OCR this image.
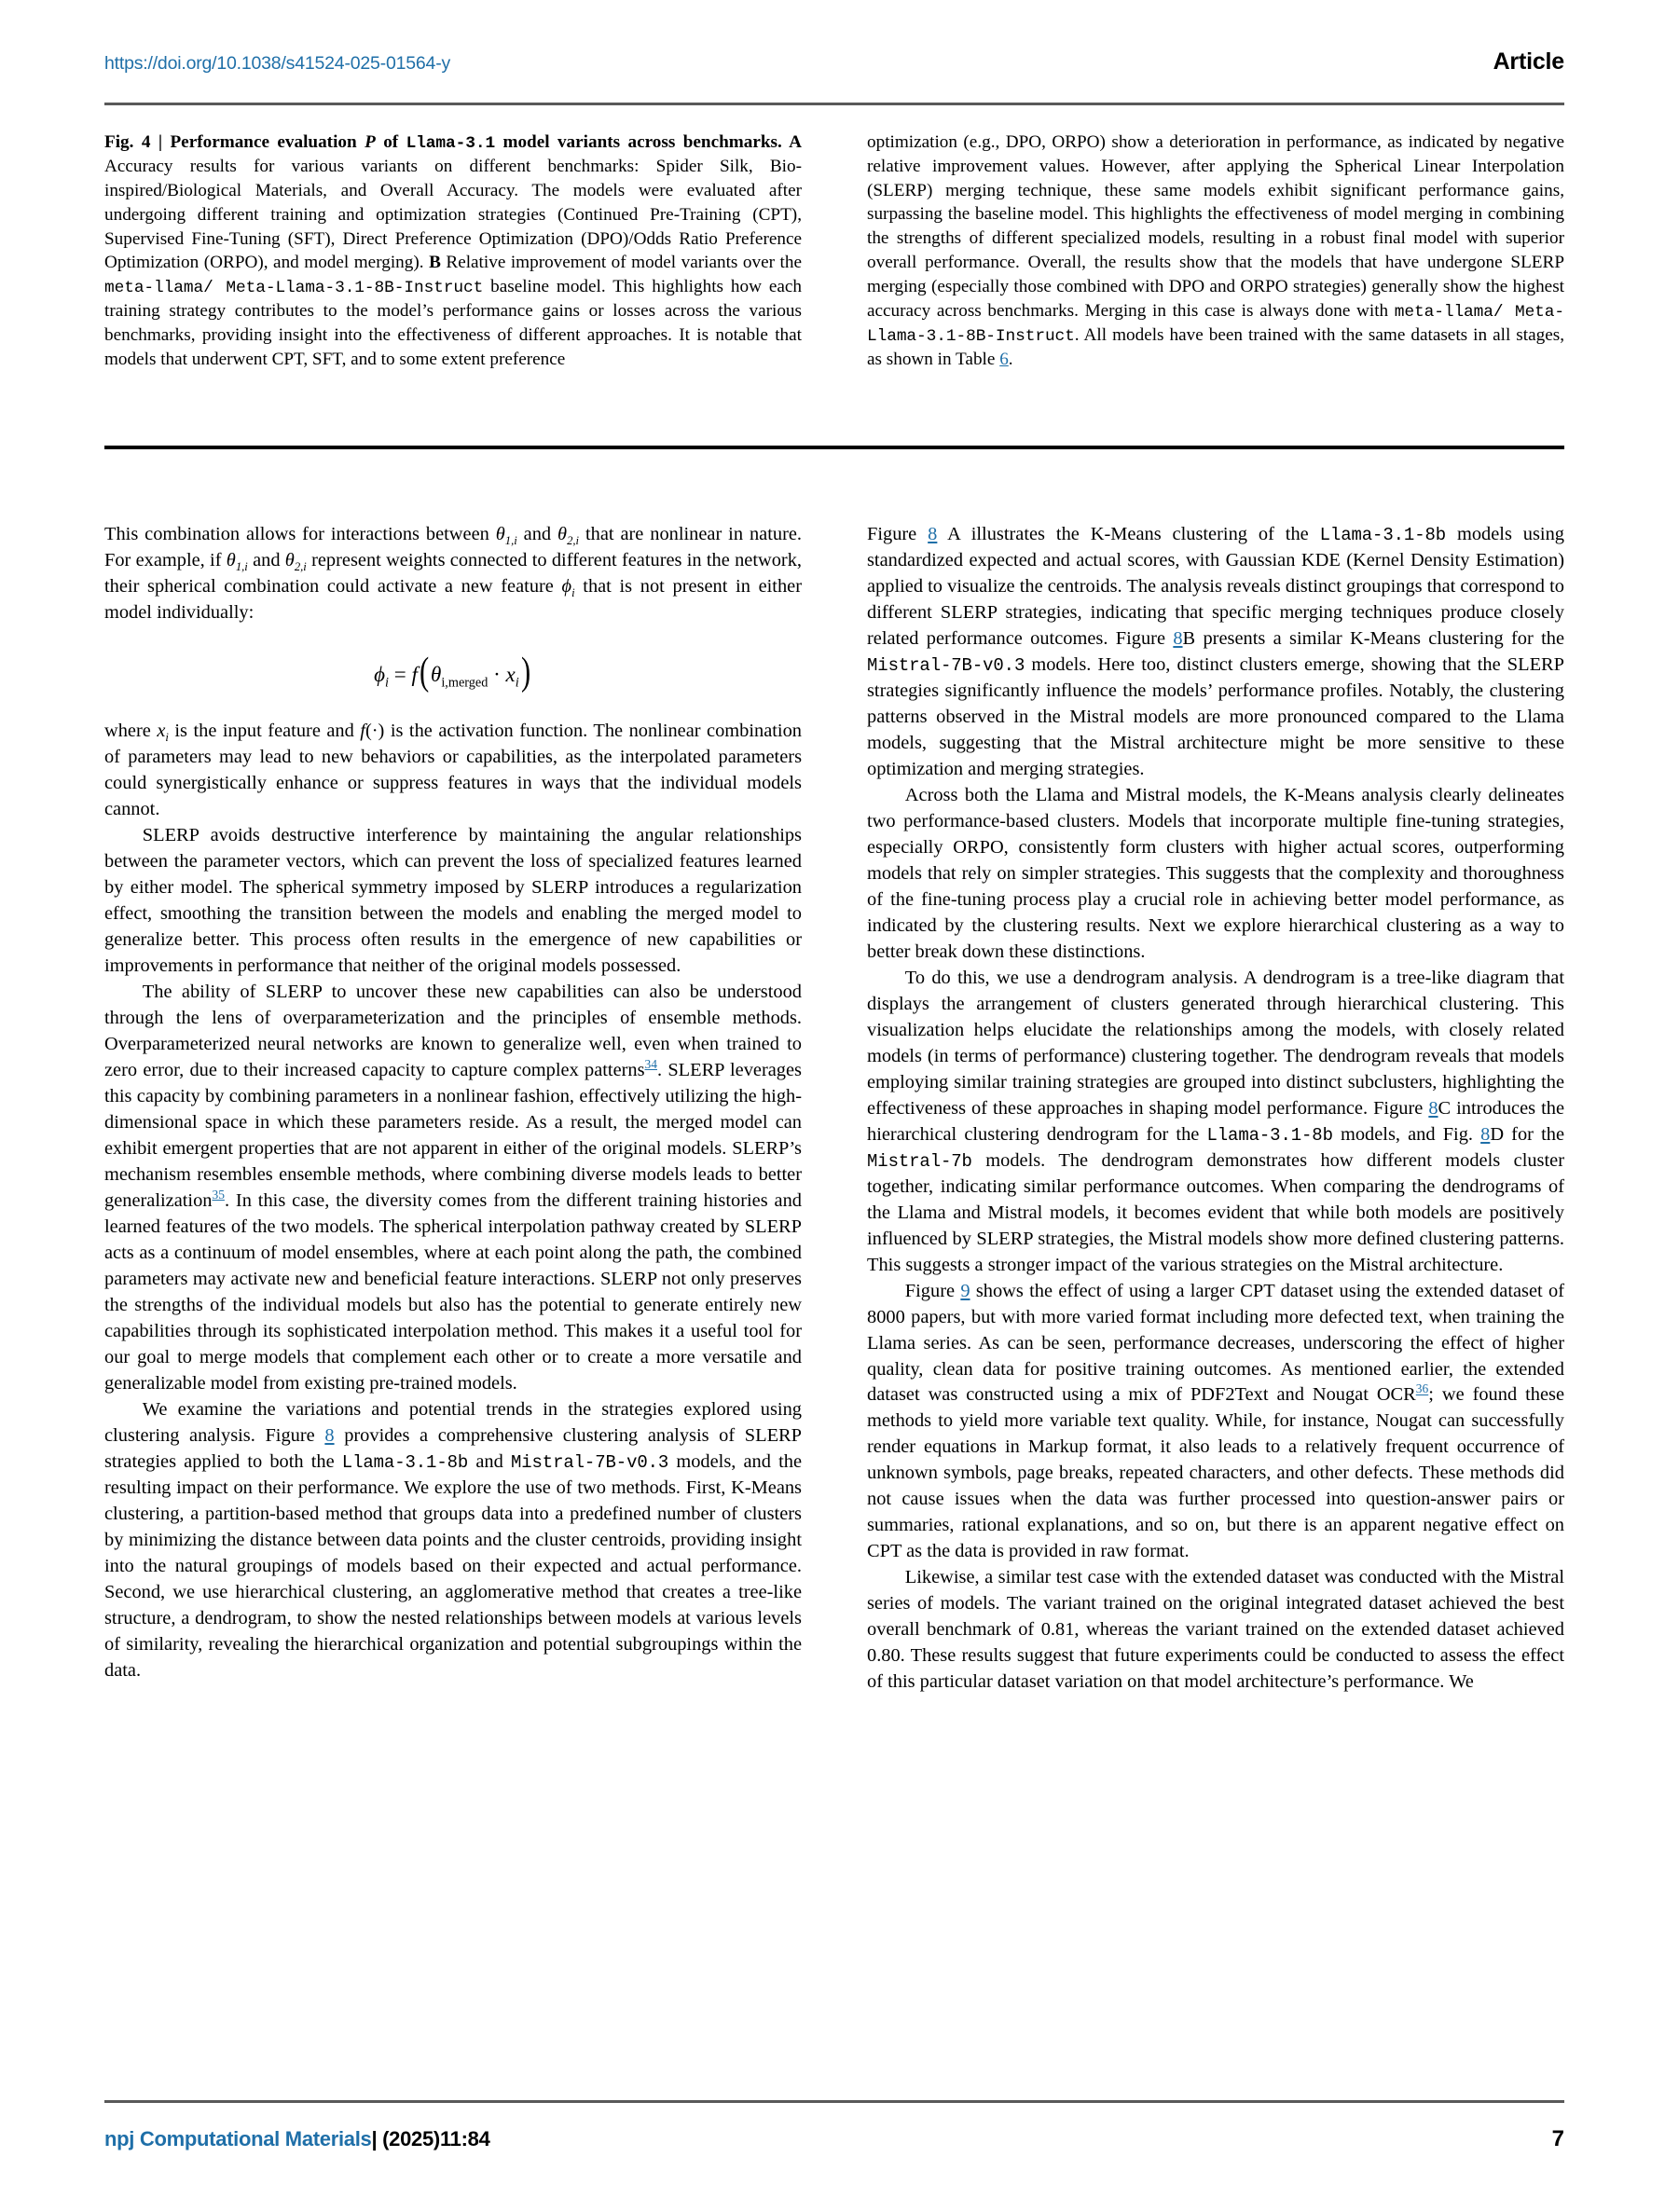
https://doi.org/10.1038/s41524-025-01564-y	Article
Fig. 4 | Performance evaluation P of Llama-3.1 model variants across benchmarks. A Accuracy results for various variants on different benchmarks: Spider Silk, Bio-inspired/Biological Materials, and Overall Accuracy. The models were evaluated after undergoing different training and optimization strategies (Continued Pre-Training (CPT), Supervised Fine-Tuning (SFT), Direct Preference Optimization (DPO)/Odds Ratio Preference Optimization (ORPO), and model merging). B Relative improvement of model variants over the meta-llama/ Meta-Llama-3.1-8B-Instruct baseline model. This highlights how each training strategy contributes to the model’s performance gains or losses across the various benchmarks, providing insight into the effectiveness of different approaches. It is notable that models that underwent CPT, SFT, and to some extent preference
optimization (e.g., DPO, ORPO) show a deterioration in performance, as indicated by negative relative improvement values. However, after applying the Spherical Linear Interpolation (SLERP) merging technique, these same models exhibit significant performance gains, surpassing the baseline model. This highlights the effectiveness of model merging in combining the strengths of different specialized models, resulting in a robust final model with superior overall performance. Overall, the results show that the models that have undergone SLERP merging (especially those combined with DPO and ORPO strategies) generally show the highest accuracy across benchmarks. Merging in this case is always done with meta-llama/ Meta-Llama-3.1-8B-Instruct. All models have been trained with the same datasets in all stages, as shown in Table 6.

This combination allows for interactions between $\theta_{1,i}$ and $\theta_{2,i}$ that are nonlinear in nature. For example, if $\theta_{1,i}$ and $\theta_{2,i}$ represent weights connected to different features in the network, their spherical combination could activate a new feature $\phi_i$ that is not present in either model individually:

$\phi_i = f(\theta_{i,merged} \cdot x_i)$

where $x_i$ is the input feature and f(·) is the activation function. The nonlinear combination of parameters may lead to new behaviors or capabilities, as the interpolated parameters could synergistically enhance or suppress features in ways that the individual models cannot.

SLERP avoids destructive interference by maintaining the angular relationships between the parameter vectors, which can prevent the loss of specialized features learned by either model. The spherical symmetry imposed by SLERP introduces a regularization effect, smoothing the transition between the models and enabling the merged model to generalize better. This process often results in the emergence of new capabilities or improvements in performance that neither of the original models possessed.

The ability of SLERP to uncover these new capabilities can also be understood through the lens of overparameterization and the principles of ensemble methods. Overparameterized neural networks are known to generalize well, even when trained to zero error, due to their increased capacity to capture complex patterns$^{34}$. SLERP leverages this capacity by combining parameters in a nonlinear fashion, effectively utilizing the high-dimensional space in which these parameters reside. As a result, the merged model can exhibit emergent properties that are not apparent in either of the original models. SLERP’s mechanism resembles ensemble methods, where combining diverse models leads to better generalization$^{35}$. In this case, the diversity comes from the different training histories and learned features of the two models. The spherical interpolation pathway created by SLERP acts as a continuum of model ensembles, where at each point along the path, the combined parameters may activate new and beneficial feature interactions. SLERP not only preserves the strengths of the individual models but also has the potential to generate entirely new capabilities through its sophisticated interpolation method. This makes it a useful tool for our goal to merge models that complement each other or to create a more versatile and generalizable model from existing pre-trained models.

We examine the variations and potential trends in the strategies explored using clustering analysis. Figure 8 provides a comprehensive clustering analysis of SLERP strategies applied to both the Llama-3.1-8b and Mistral-7B-v0.3 models, and the resulting impact on their performance. We explore the use of two methods. First, K-Means clustering, a partition-based method that groups data into a predefined number of clusters by minimizing the distance between data points and the cluster centroids, providing insight into the natural groupings of models based on their expected and actual performance. Second, we use hierarchical clustering, an agglomerative method that creates a tree-like structure, a dendrogram, to show the nested relationships between models at various levels of similarity, revealing the hierarchical organization and potential subgroupings within the data.

Figure 8 A illustrates the K-Means clustering of the Llama-3.1-8b models using standardized expected and actual scores, with Gaussian KDE (Kernel Density Estimation) applied to visualize the centroids. The analysis reveals distinct groupings that correspond to different SLERP strategies, indicating that specific merging techniques produce closely related performance outcomes. Figure 8B presents a similar K-Means clustering for the Mistral-7B-v0.3 models. Here too, distinct clusters emerge, showing that the SLERP strategies significantly influence the models’ performance profiles. Notably, the clustering patterns observed in the Mistral models are more pronounced compared to the Llama models, suggesting that the Mistral architecture might be more sensitive to these optimization and merging strategies.

Across both the Llama and Mistral models, the K-Means analysis clearly delineates two performance-based clusters. Models that incorporate multiple fine-tuning strategies, especially ORPO, consistently form clusters with higher actual scores, outperforming models that rely on simpler strategies. This suggests that the complexity and thoroughness of the fine-tuning process play a crucial role in achieving better model performance, as indicated by the clustering results. Next we explore hierarchical clustering as a way to better break down these distinctions.

To do this, we use a dendrogram analysis. A dendrogram is a tree-like diagram that displays the arrangement of clusters generated through hierarchical clustering. This visualization helps elucidate the relationships among the models, with closely related models (in terms of performance) clustering together. The dendrogram reveals that models employing similar training strategies are grouped into distinct subclusters, highlighting the effectiveness of these approaches in shaping model performance. Figure 8C introduces the hierarchical clustering dendrogram for the Llama-3.1-8b models, and Fig. 8D for the Mistral-7b models. The dendrogram demonstrates how different models cluster together, indicating similar performance outcomes. When comparing the dendrograms of the Llama and Mistral models, it becomes evident that while both models are positively influenced by SLERP strategies, the Mistral models show more defined clustering patterns. This suggests a stronger impact of the various strategies on the Mistral architecture.

Figure 9 shows the effect of using a larger CPT dataset using the extended dataset of 8000 papers, but with more varied format including more defected text, when training the Llama series. As can be seen, performance decreases, underscoring the effect of higher quality, clean data for positive training outcomes. As mentioned earlier, the extended dataset was constructed using a mix of PDF2Text and Nougat OCR$^{36}$; we found these methods to yield more variable text quality. While, for instance, Nougat can successfully render equations in Markup format, it also leads to a relatively frequent occurrence of unknown symbols, page breaks, repeated characters, and other defects. These methods did not cause issues when the data was further processed into question-answer pairs or summaries, rational explanations, and so on, but there is an apparent negative effect on CPT as the data is provided in raw format.

Likewise, a similar test case with the extended dataset was conducted with the Mistral series of models. The variant trained on the original integrated dataset achieved the best overall benchmark of 0.81, whereas the variant trained on the extended dataset achieved 0.80. These results suggest that future experiments could be conducted to assess the effect of this particular dataset variation on that model architecture’s performance. We

npj Computational Materials| (2025)11:84	7
